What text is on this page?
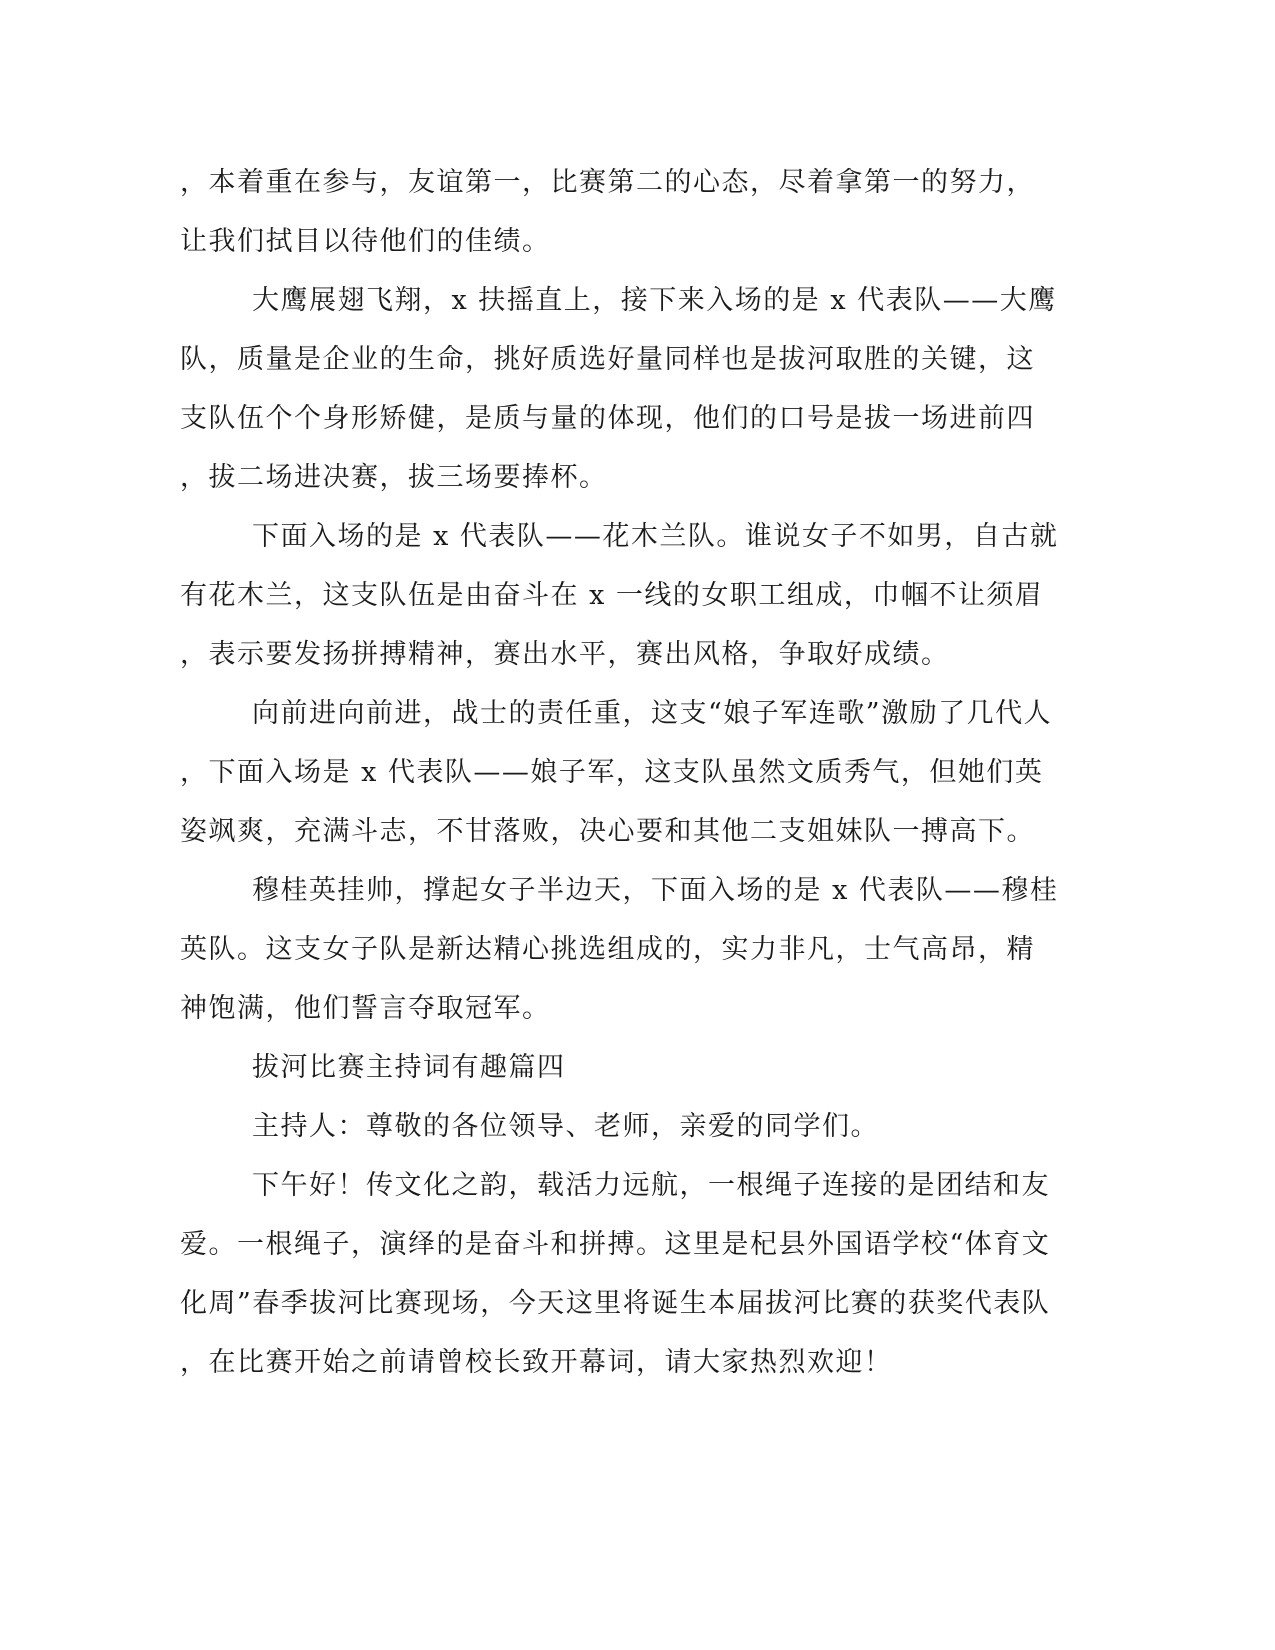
，本着重在参与，友谊第一，比赛第二的心态，尽着拿第一的努力，
让我们拭目以待他们的佳绩。
大鹰展翅飞翔，x 扶摇直上，接下来入场的是 x 代表队——大鹰
队，质量是企业的生命，挑好质选好量同样也是拔河取胜的关键，这
支队伍个个身形矫健，是质与量的体现，他们的口号是拔一场进前四
，拔二场进决赛，拔三场要捧杯。
下面入场的是 x 代表队——花木兰队。谁说女子不如男，自古就
有花木兰，这支队伍是由奋斗在 x 一线的女职工组成，巾帼不让须眉
，表示要发扬拼搏精神，赛出水平，赛出风格，争取好成绩。
向前进向前进，战士的责任重，这支“娘子军连歌”激励了几代人
，下面入场是 x 代表队——娘子军，这支队虽然文质秀气，但她们英
姿飒爽，充满斗志，不甘落败，决心要和其他二支姐妹队一搏高下。
穆桂英挂帅，撑起女子半边天，下面入场的是 x 代表队——穆桂
英队。这支女子队是新达精心挑选组成的，实力非凡，士气高昂，精
神饱满，他们誓言夺取冠军。
拔河比赛主持词有趣篇四
主持人：尊敬的各位领导、老师，亲爱的同学们。
下午好！传文化之韵，载活力远航，一根绳子连接的是团结和友
爱。一根绳子，演绎的是奋斗和拼搏。这里是杞县外国语学校“体育文
化周”春季拔河比赛现场，今天这里将诞生本届拔河比赛的获奖代表队
，在比赛开始之前请曾校长致开幕词，请大家热烈欢迎！
